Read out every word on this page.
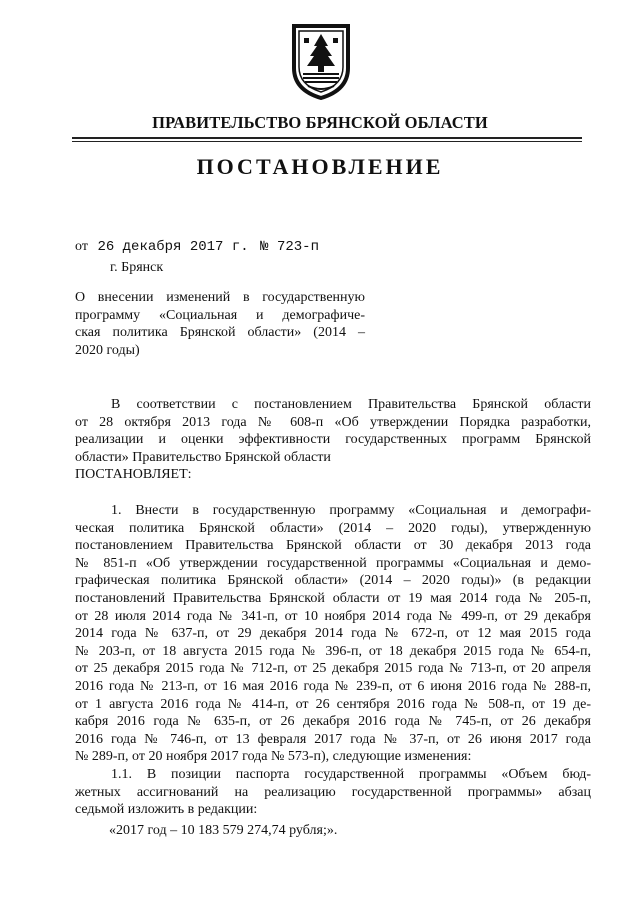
ПРАВИТЕЛЬСТВО БРЯНСКОЙ ОБЛАСТИ
ПОСТАНОВЛЕНИЕ
от 26 декабря 2017 г. № 723-п
г. Брянск
О внесении изменений в государственную
программу «Социальная и демографиче-
ская политика Брянской области» (2014 –
2020 годы)
В соответствии с постановлением Правительства Брянской области
от 28 октября 2013 года № 608-п «Об утверждении Порядка разработки,
реализации и оценки эффективности государственных программ Брянской
области» Правительство Брянской области
ПОСТАНОВЛЯЕТ:
1. Внести в государственную программу «Социальная и демографи-
ческая политика Брянской области» (2014 – 2020 годы), утвержденную
постановлением Правительства Брянской области от 30 декабря 2013 года
№ 851-п «Об утверждении государственной программы «Социальная и демо-
графическая политика Брянской области» (2014 – 2020 годы)» (в редакции
постановлений Правительства Брянской области от 19 мая 2014 года № 205-п,
от 28 июля 2014 года № 341-п, от 10 ноября 2014 года № 499-п, от 29 декабря
2014 года № 637-п, от 29 декабря 2014 года № 672-п, от 12 мая 2015 года
№ 203-п, от 18 августа 2015 года № 396-п, от 18 декабря 2015 года № 654-п,
от 25 декабря 2015 года № 712-п, от 25 декабря 2015 года № 713-п, от 20 апреля
2016 года № 213-п, от 16 мая 2016 года № 239-п, от 6 июня 2016 года № 288-п,
от 1 августа 2016 года № 414-п, от 26 сентября 2016 года № 508-п, от 19 де-
кабря 2016 года № 635-п, от 26 декабря 2016 года № 745-п, от 26 декабря
2016 года № 746-п, от 13 февраля 2017 года № 37-п, от 26 июня 2017 года
№ 289-п, от 20 ноября 2017 года № 573-п), следующие изменения:
1.1. В позиции паспорта государственной программы «Объем бюд-
жетных ассигнований на реализацию государственной программы» абзац
седьмой изложить в редакции:
«2017 год – 10 183 579 274,74 рубля;».
